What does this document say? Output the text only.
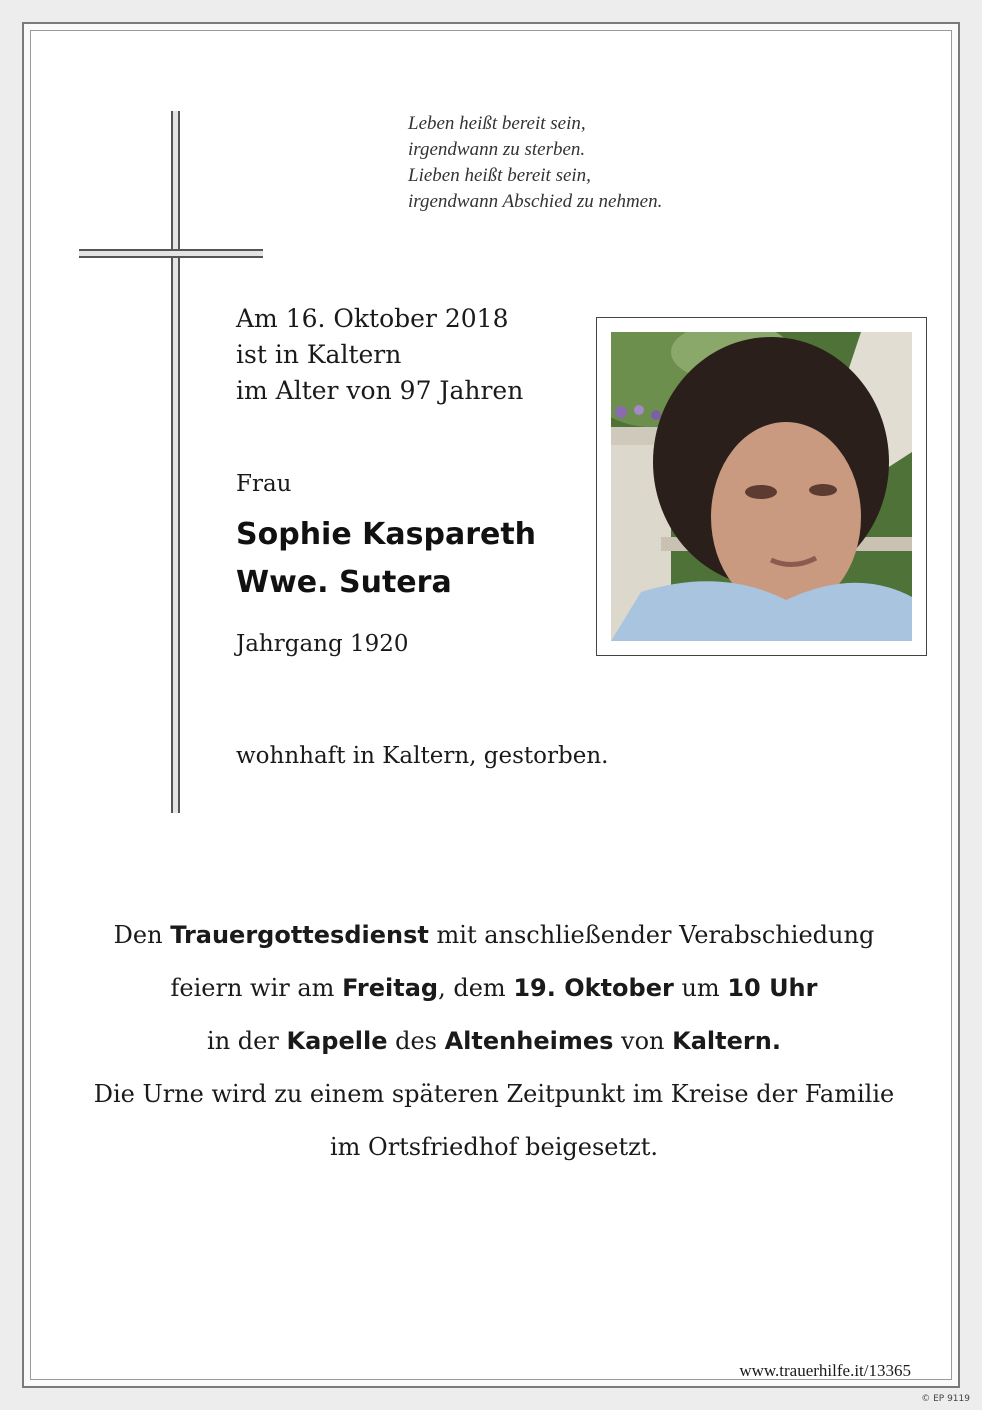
Leben heißt bereit sein,
irgendwann zu sterben.
Lieben heißt bereit sein,
irgendwann Abschied zu nehmen.
Am 16. Oktober 2018
ist in Kaltern
im Alter von 97 Jahren
Frau
Sophie Kaspareth
Wwe. Sutera
Jahrgang 1920
wohnhaft in Kaltern, gestorben.
Den Trauergottesdienst mit anschließender Verabschiedung
feiern wir am Freitag, dem 19. Oktober um 10 Uhr
in der Kapelle des Altenheimes von Kaltern.
Die Urne wird zu einem späteren Zeitpunkt im Kreise der Familie
im Ortsfriedhof beigesetzt.
www.trauerhilfe.it/13365
© EP 9119
